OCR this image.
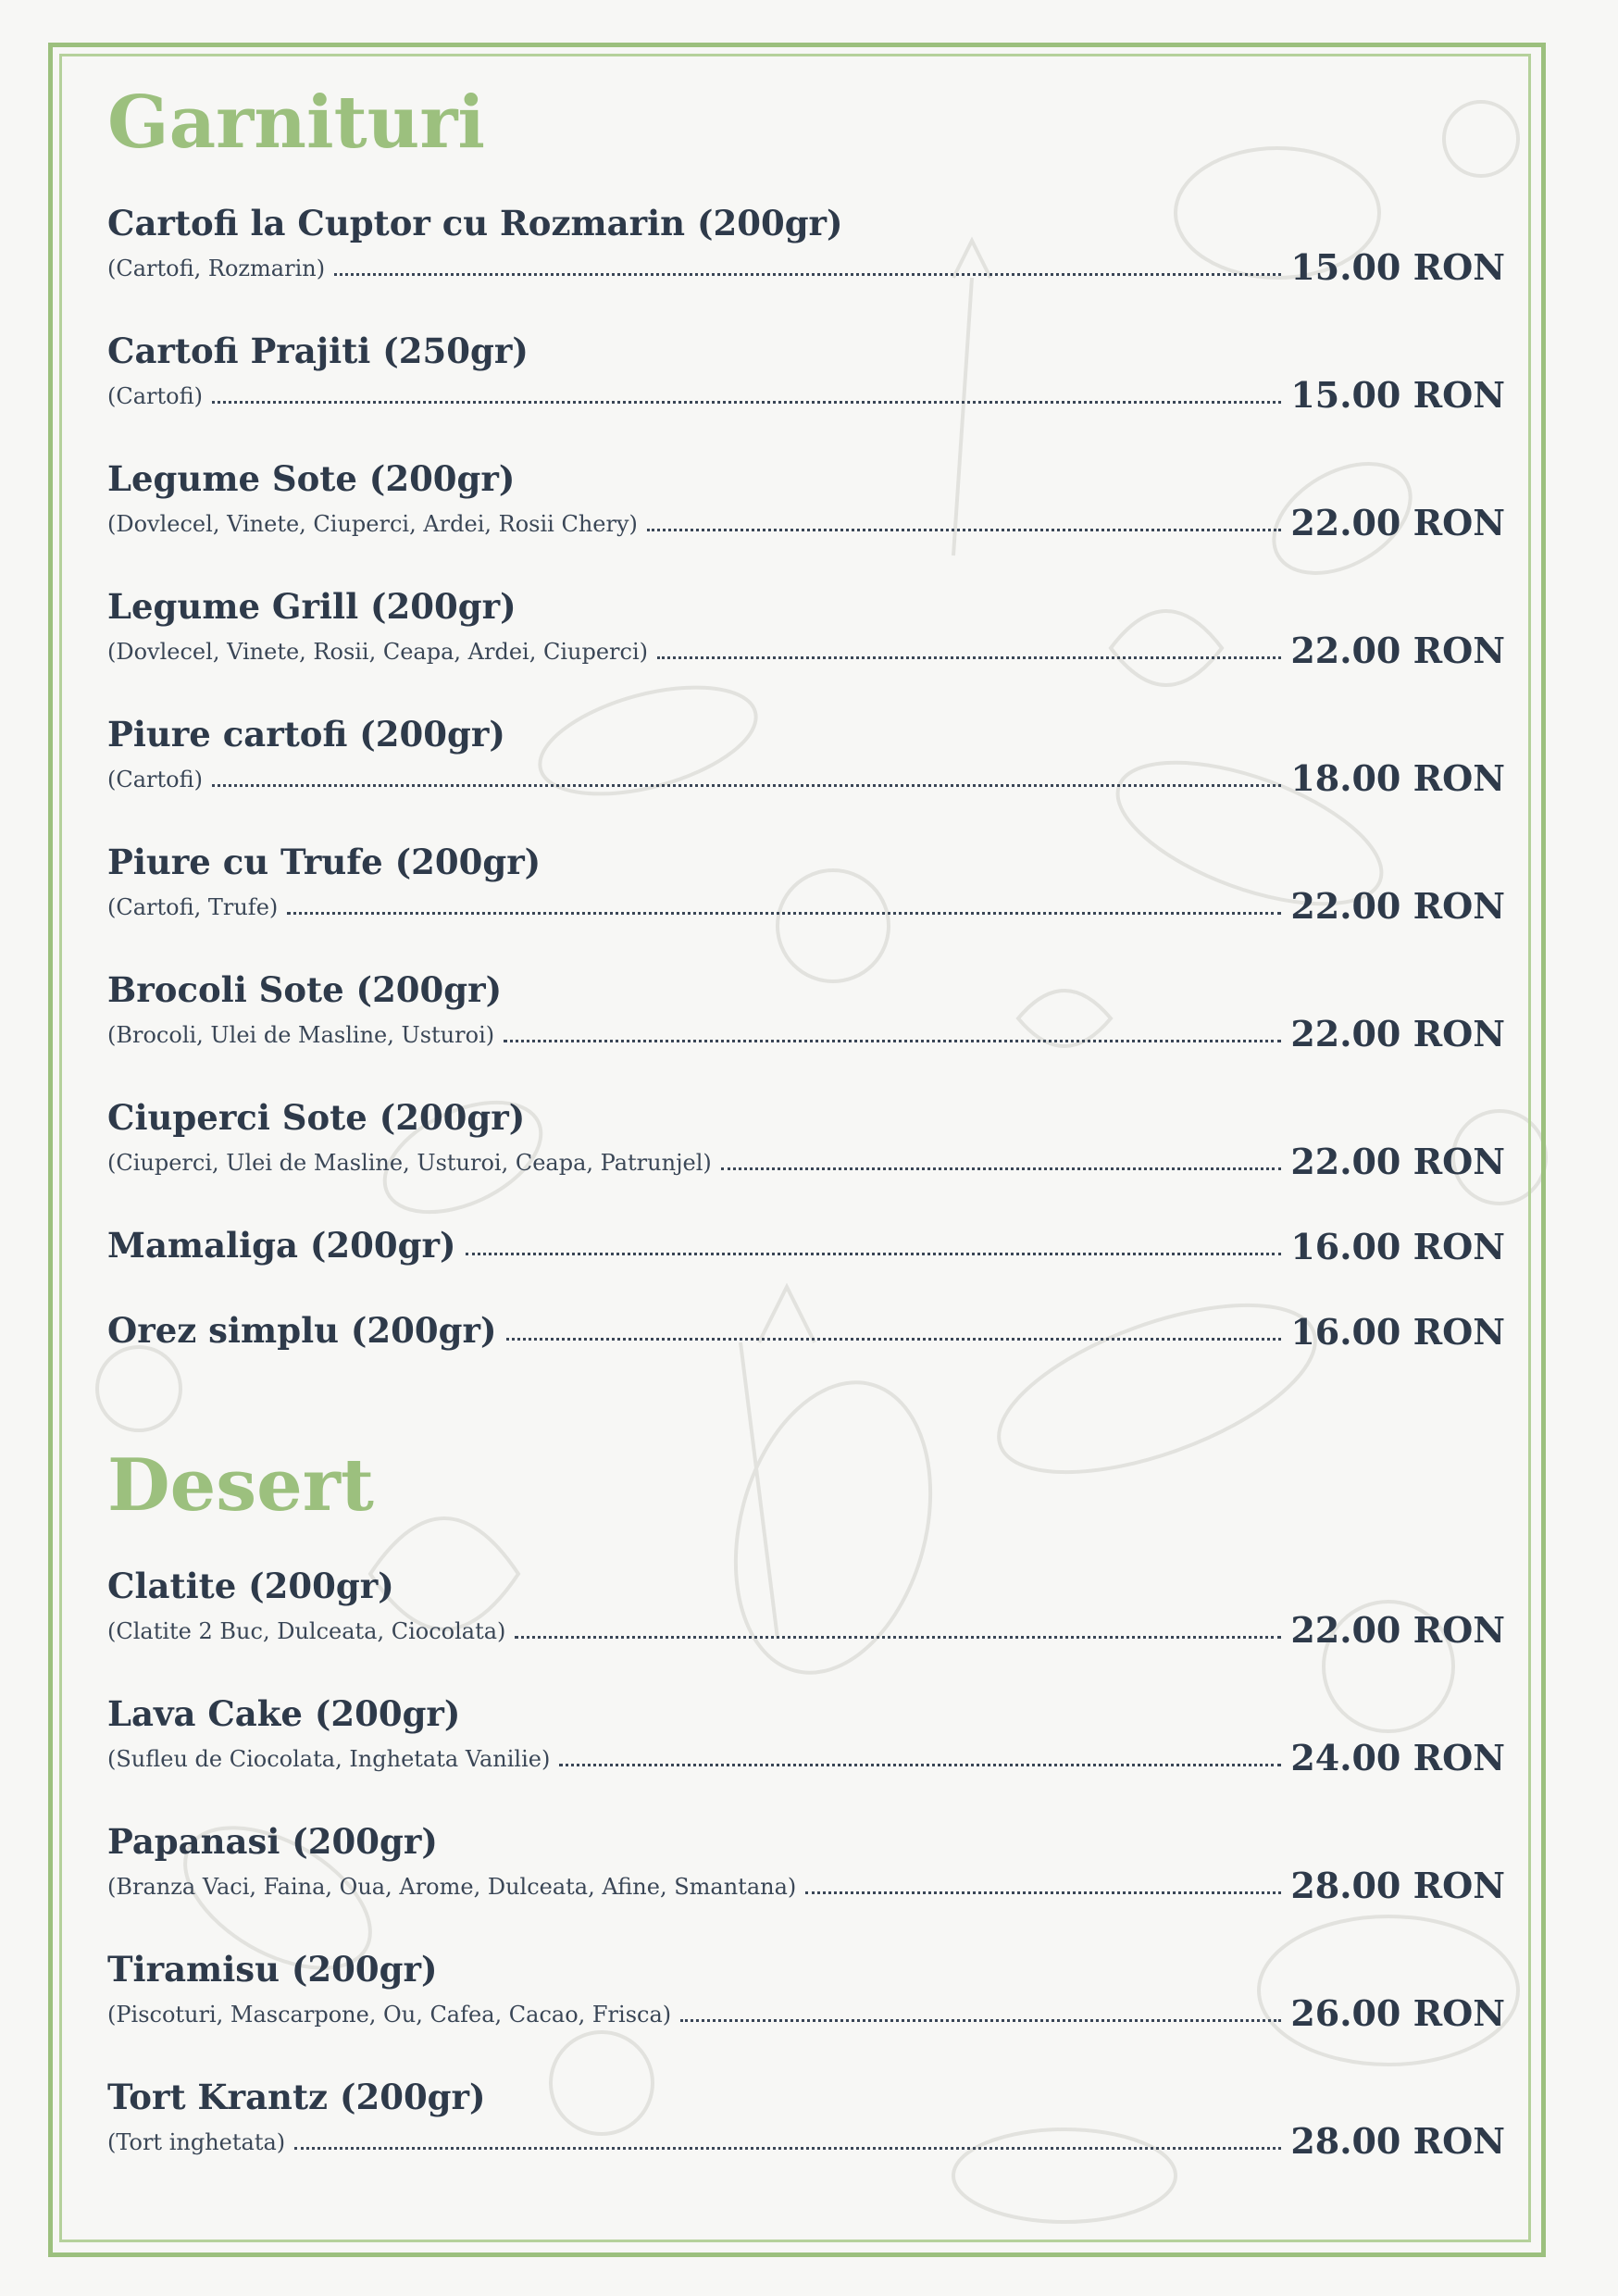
Garnituri
Cartofi la Cuptor cu Rozmarin (200gr)
(Cartofi, Rozmarin)	15.00 RON
Cartofi Prajiti (250gr)
(Cartofi)	15.00 RON
Legume Sote (200gr)
(Dovlecel, Vinete, Ciuperci, Ardei, Rosii Chery)	22.00 RON
Legume Grill (200gr)
(Dovlecel, Vinete, Rosii, Ceapa, Ardei, Ciuperci)	22.00 RON
Piure cartofi (200gr)
(Cartofi)	18.00 RON
Piure cu Trufe (200gr)
(Cartofi, Trufe)	22.00 RON
Brocoli Sote (200gr)
(Brocoli, Ulei de Masline, Usturoi)	22.00 RON
Ciuperci Sote (200gr)
(Ciuperci, Ulei de Masline, Usturoi, Ceapa, Patrunjel)	22.00 RON
Mamaliga (200gr)	16.00 RON
Orez simplu (200gr)	16.00 RON
Desert
Clatite (200gr)
(Clatite 2 Buc, Dulceata, Ciocolata)	22.00 RON
Lava Cake (200gr)
(Sufleu de Ciocolata, Inghetata Vanilie)	24.00 RON
Papanasi (200gr)
(Branza Vaci, Faina, Oua, Arome, Dulceata, Afine, Smantana)	28.00 RON
Tiramisu (200gr)
(Piscoturi, Mascarpone, Ou, Cafea, Cacao, Frisca)	26.00 RON
Tort Krantz (200gr)
(Tort inghetata)	28.00 RON
